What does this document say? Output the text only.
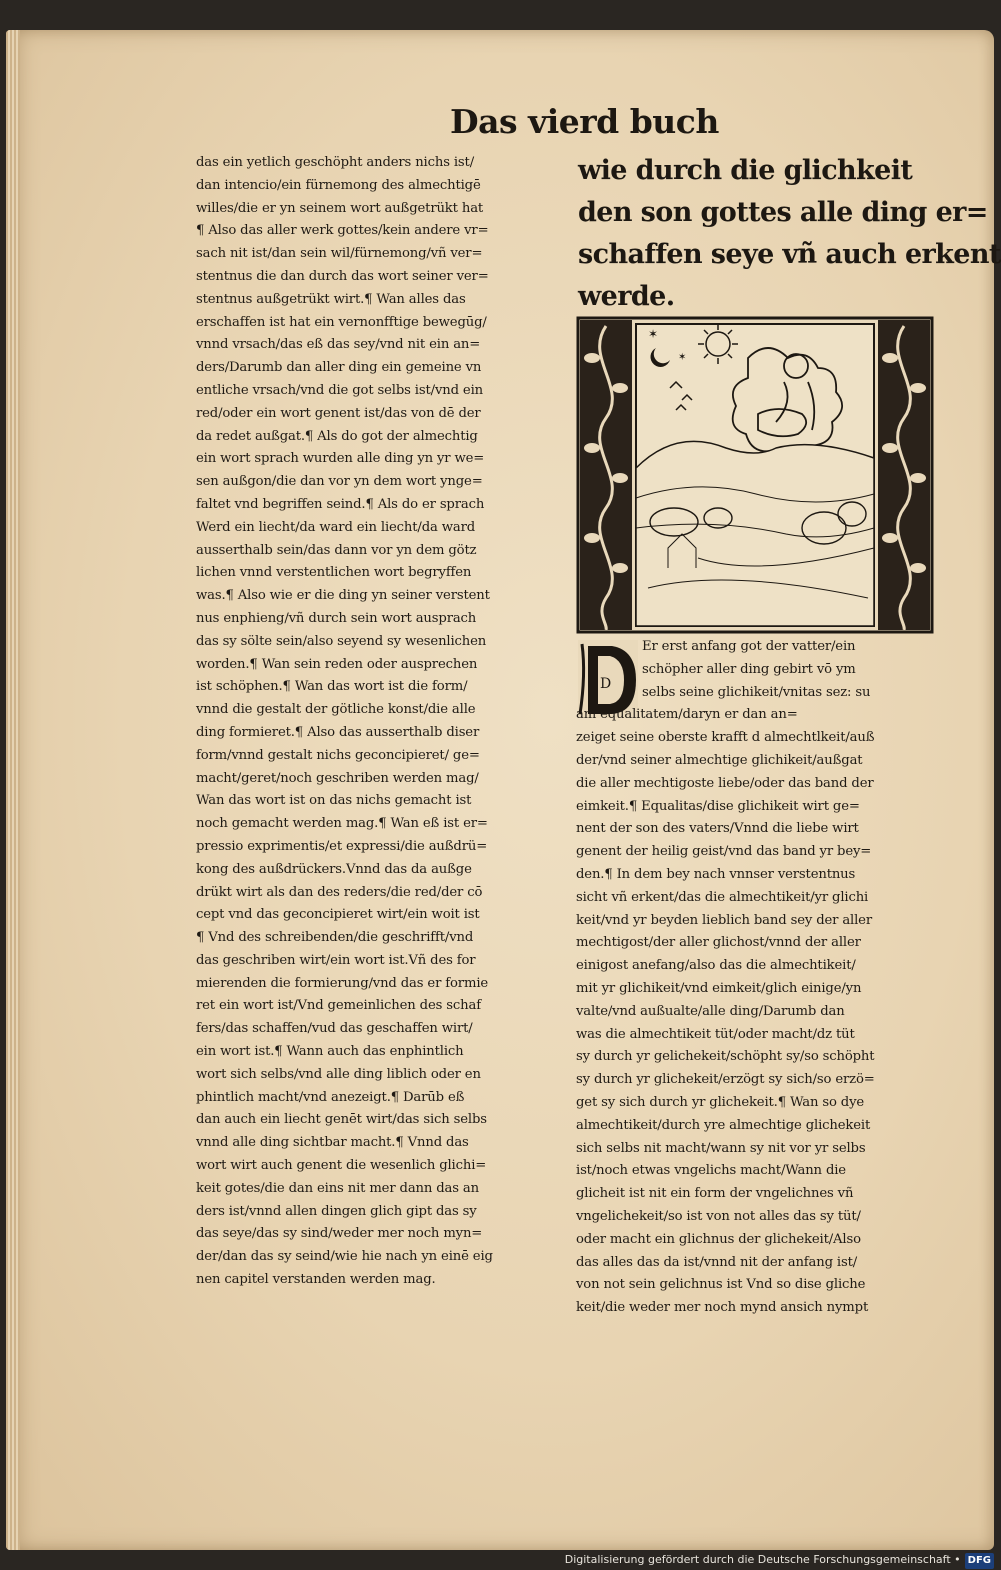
Das vierd buch
das ein yetlich geschöpht anders nichs ist/
dan intencio/ein fürnemong des almechtigē
willes/die er yn seinem wort außgetrükt hat
¶ Also das aller werk gottes/kein andere vr=
sach nit ist/dan sein wil/fürnemong/vñ ver=
stentnus die dan durch das wort seiner ver=
stentnus außgetrükt wirt.¶ Wan alles das
erschaffen ist hat ein vernonfftige bewegūg/
vnnd vrsach/das eß das sey/vnd nit ein an=
ders/Darumb dan aller ding ein gemeine vn
entliche vrsach/vnd die got selbs ist/vnd ein
red/oder ein wort genent ist/das von dē der
da redet außgat.¶ Als do got der almechtig
ein wort sprach wurden alle ding yn yr we=
sen außgon/die dan vor yn dem wort ynge=
faltet vnd begriffen seind.¶ Als do er sprach
Werd ein liecht/da ward ein liecht/da ward
ausserthalb sein/das dann vor yn dem götz
lichen vnnd verstentlichen wort begryffen
was.¶ Also wie er die ding yn seiner verstent
nus enphieng/vñ durch sein wort ausprach
das sy sölte sein/also seyend sy wesenlichen
worden.¶ Wan sein reden oder ausprechen
ist schöphen.¶ Wan das wort ist die form/
vnnd die gestalt der götliche konst/die alle
ding formieret.¶ Also das ausserthalb diser
form/vnnd gestalt nichs geconcipieret/ ge=
macht/geret/noch geschriben werden mag/
Wan das wort ist on das nichs gemacht ist
noch gemacht werden mag.¶ Wan eß ist er=
pressio exprimentis/et expressi/die außdrü=
kong des außdrückers.Vnnd das da außge
drükt wirt als dan des reders/die red/der cō
cept vnd das geconcipieret wirt/ein woit ist
¶ Vnd des schreibenden/die geschrifft/vnd
das geschriben wirt/ein wort ist.Vñ des for
mierenden die formierung/vnd das er formie
ret ein wort ist/Vnd gemeinlichen des schaf
fers/das schaffen/vud das geschaffen wirt/
ein wort ist.¶ Wann auch das enphintlich
wort sich selbs/vnd alle ding liblich oder en
phintlich macht/vnd anezeigt.¶ Darūb eß
dan auch ein liecht genēt wirt/das sich selbs
vnnd alle ding sichtbar macht.¶ Vnnd das
wort wirt auch genent die wesenlich glichi=
keit gotes/die dan eins nit mer dann das an
ders ist/vnnd allen dingen glich gipt das sy
das seye/das sy sind/weder mer noch myn=
der/dan das sy seind/wie hie nach yn einē eig
nen capitel verstanden werden mag.
wie durch die glichkeit
den son gottes alle ding er=
schaffen seye vñ auch erkent
werde.
✶
✶
D
Er erst anfang got der vatter/ein
schöpher aller ding gebirt vō ym
selbs seine glichikeit/vnitas sez: su
am equalitatem/daryn er dan an=
zeiget seine oberste krafft d almechtlkeit/auß
der/vnd seiner almechtige glichikeit/außgat
die aller mechtigoste liebe/oder das band der
eimkeit.¶ Equalitas/dise glichikeit wirt ge=
nent der son des vaters/Vnnd die liebe wirt
genent der heilig geist/vnd das band yr bey=
den.¶ In dem bey nach vnnser verstentnus
sicht vñ erkent/das die almechtikeit/yr glichi
keit/vnd yr beyden lieblich band sey der aller
mechtigost/der aller glichost/vnnd der aller
einigost anefang/also das die almechtikeit/
mit yr glichikeit/vnd eimkeit/glich einige/yn
valte/vnd außualte/alle ding/Darumb dan
was die almechtikeit tüt/oder macht/dz tüt
sy durch yr gelichekeit/schöpht sy/so schöpht
sy durch yr glichekeit/erzögt sy sich/so erzö=
get sy sich durch yr glichekeit.¶ Wan so dye
almechtikeit/durch yre almechtige glichekeit
sich selbs nit macht/wann sy nit vor yr selbs
ist/noch etwas vngelichs macht/Wann die
glicheit ist nit ein form der vngelichnes vñ
vngelichekeit/so ist von not alles das sy tüt/
oder macht ein glichnus der glichekeit/Also
das alles das da ist/vnnd nit der anfang ist/
von not sein gelichnus ist Vnd so dise gliche
keit/die weder mer noch mynd ansich nympt
Digitalisierung gefördert durch die Deutsche Forschungsgemeinschaft • DFG
